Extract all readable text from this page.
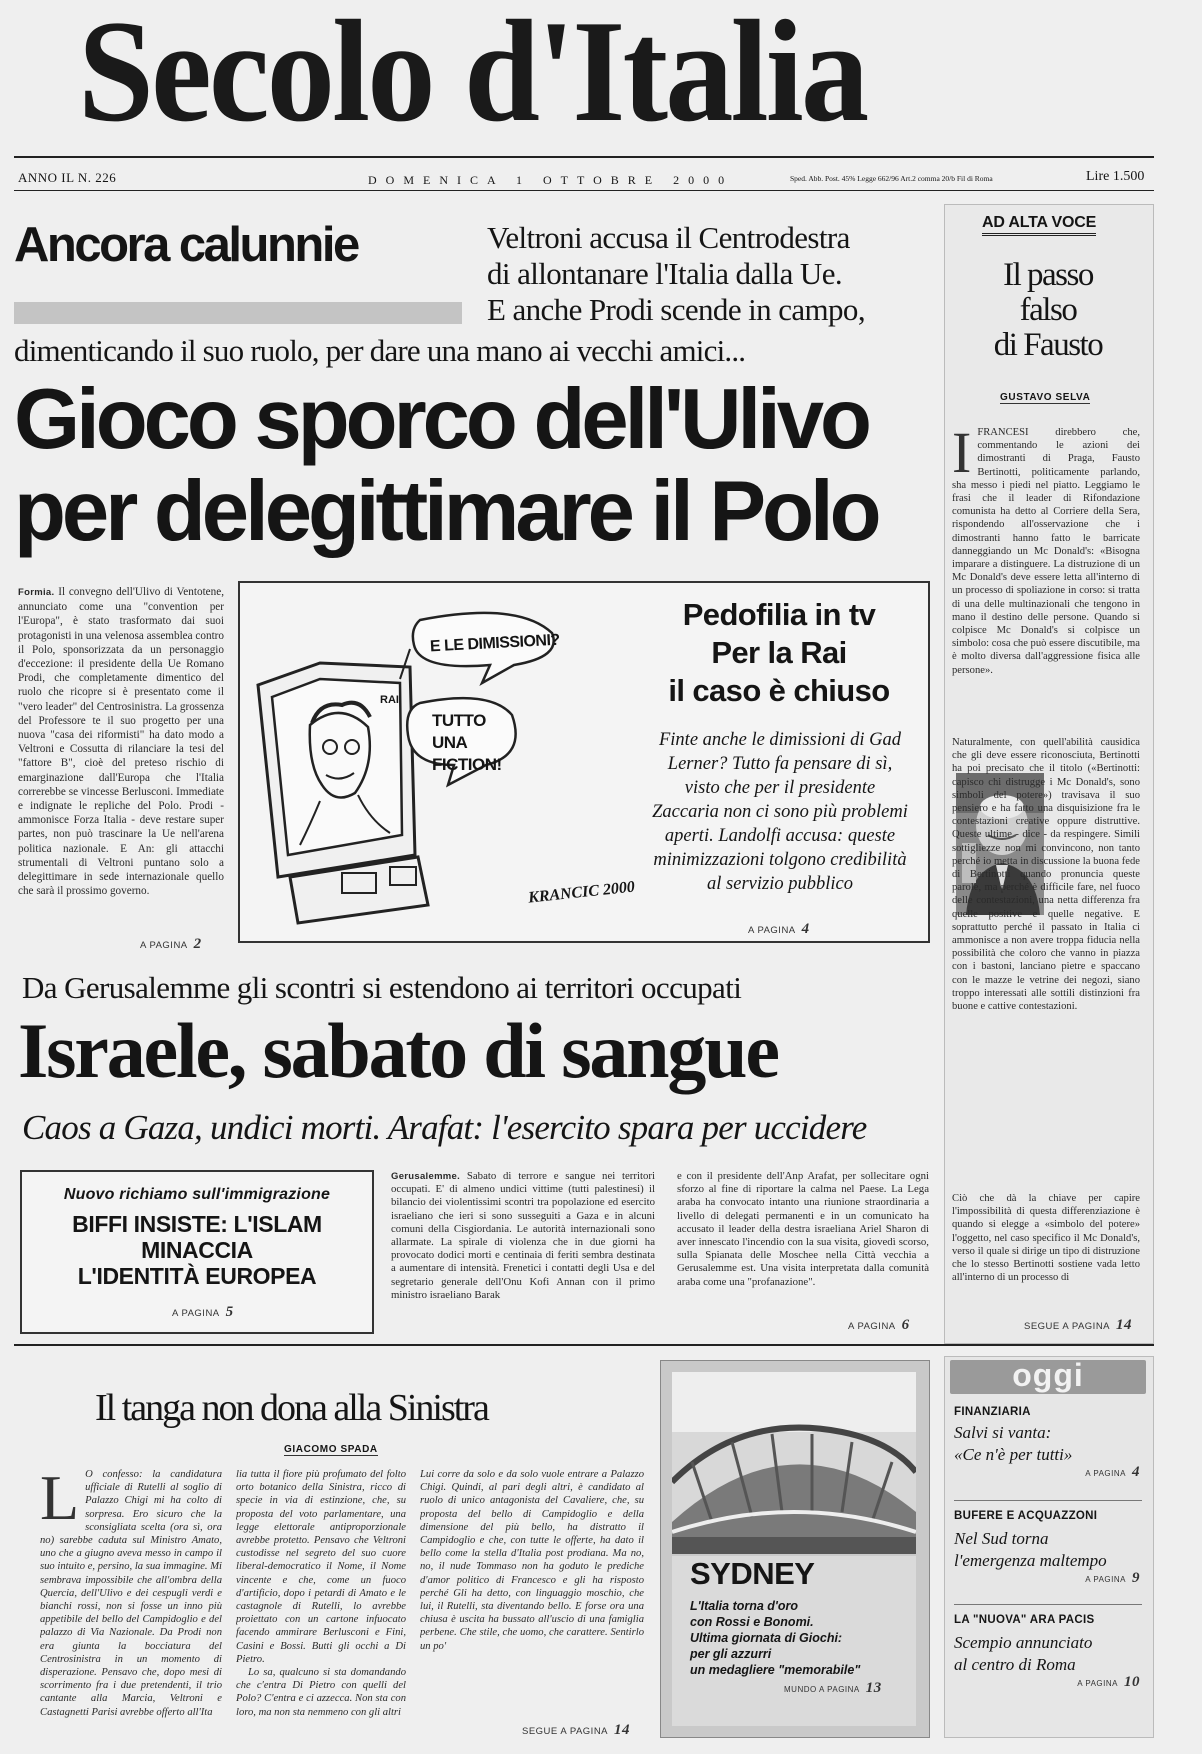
Secolo d'Italia
ANNO IL N. 226	DOMENICA 1 OTTOBRE 2000	Sped. Abb. Post. 45% Legge 662/96 Art.2 comma 20/b Fil di Roma	Lire 1.500
Ancora calunnie	Veltroni accusa il Centrodestra
di allontanare l'Italia dalla Ue.
E anche Prodi scende in campo,
dimenticando il suo ruolo, per dare una mano ai vecchi amici...
Gioco sporco dell'Ulivo
per delegittimare il Polo
Formia. Il convegno dell'Ulivo di Ventotene, annunciato come una "convention per l'Europa", è stato trasformato dai suoi protagonisti in una velenosa assemblea contro il Polo, sponsorizzata da un personaggio d'eccezione: il presidente della Ue Romano Prodi, che completamente dimentico del ruolo che ricopre si è presentato come il "vero leader" del Centrosinistra. La grossenza del Professore te il suo progetto per una nuova "casa dei riformisti" ha dato modo a Veltroni e Cossutta di rilanciare la tesi del "fattore B", cioè del preteso rischio di emarginazione dall'Europa che l'Italia correrebbe se vincesse Berlusconi. Immediate e indignate le repliche del Polo. Prodi - ammonisce Forza Italia - deve restare super partes, non può trascinare la Ue nell'arena politica nazionale. E An: gli attacchi strumentali di Veltroni puntano solo a delegittimare in sede internazionale quello che sarà il prossimo governo.
A PAGINA 2
E LE DIMISSIONI?
TUTTO UNA FICTION!
RAI
KRANCIC 2000
Pedofilia in tv
Per la Rai
il caso è chiuso
Finte anche le dimissioni di Gad Lerner? Tutto fa pensare di sì, visto che per il presidente Zaccaria non ci sono più problemi aperti. Landolfi accusa: queste minimizzazioni tolgono credibilità al servizio pubblico
A PAGINA 4
Da Gerusalemme gli scontri si estendono ai territori occupati
Israele, sabato di sangue
Caos a Gaza, undici morti. Arafat: l'esercito spara per uccidere
Gerusalemme. Sabato di terrore e sangue nei territori occupati. E' di almeno undici vittime (tutti palestinesi) il bilancio dei violentissimi scontri tra popolazione ed esercito israeliano che ieri si sono susseguiti a Gaza e in alcuni comuni della Cisgiordania. Le autorità internazionali sono allarmate. La spirale di violenza che in due giorni ha provocato dodici morti e centinaia di feriti sembra destinata a aumentare di intensità. Frenetici i contatti degli Usa e del segretario generale dell'Onu Kofi Annan con il primo ministro israeliano Barak
e con il presidente dell'Anp Arafat, per sollecitare ogni sforzo al fine di riportare la calma nel Paese. La Lega araba ha convocato intanto una riunione straordinaria a livello di delegati permanenti e in un comunicato ha accusato il leader della destra israeliana Ariel Sharon di aver innescato l'incendio con la sua visita, giovedì scorso, sulla Spianata delle Moschee nella Città vecchia a Gerusalemme est. Una visita interpretata dalla comunità araba come una "profanazione".
A PAGINA 6
Nuovo richiamo sull'immigrazione
BIFFI INSISTE: L'ISLAM
MINACCIA
L'IDENTITÀ EUROPEA
A PAGINA 5
AD ALTA VOCE
Il passo
falso
di Fausto
GUSTAVO SELVA
I FRANCESI direbbero che, commentando le azioni dei dimostranti di Praga, Fausto Bertinotti, politicamente parlando, sha messo i piedi nel piatto. Leggiamo le frasi che il leader di Rifondazione comunista ha detto al Corriere della Sera, rispondendo all'osservazione che i dimostranti hanno fatto le barricate danneggiando un Mc Donald's: «Bisogna imparare a distinguere. La distruzione di un Mc Donald's deve essere letta all'interno di un processo di spoliazione in corso: si tratta di una delle multinazionali che tengono in mano il destino delle persone. Quando si colpisce Mc Donald's si colpisce un simbolo: cosa che può essere discutibile, ma è molto diversa dall'aggressione fisica alle persone».
Naturalmente, con quell'abilità causidica che gli deve essere riconosciuta, Bertinotti ha poi precisato che il titolo («Bertinotti: capisco chi distrugge i Mc Donald's, sono simboli del potere») travisava il suo pensiero e ha fatto una disquisizione fra le contestazioni creative oppure distruttive. Queste ultime - dice - da respingere. Simili sottigliezze non mi convincono, non tanto perché io metta in discussione la buona fede di Bertinotti quando pronuncia queste parole, ma perché è difficile fare, nel fuoco delle contestazioni, una netta differenza fra quelle positive e quelle negative. E soprattutto perché il passato in Italia ci ammonisce a non avere troppa fiducia nella possibilità che coloro che vanno in piazza con i bastoni, lanciano pietre e spaccano con le mazze le vetrine dei negozi, siano troppo interessati alle sottili distinzioni fra buone e cattive contestazioni.
Ciò che dà la chiave per capire l'impossibilità di questa differenziazione è quando si elegge a «simbolo del potere» l'oggetto, nel caso specifico il Mc Donald's, verso il quale si dirige un tipo di distruzione che lo stesso Bertinotti sostiene vada letto all'interno di un processo di
SEGUE A PAGINA 14
Il tanga non dona alla Sinistra
GIACOMO SPADA
L O confesso: la candidatura ufficiale di Rutelli al soglio di Palazzo Chigi mi ha colto di sorpresa. Ero sicuro che la sconsigliata scelta (ora sì, ora no) sarebbe caduta sul Ministro Amato, uno che a giugno aveva messo in campo il suo intuito e, persino, la sua immagine. Mi sembrava impossibile che all'ombra della Quercia, dell'Ulivo e dei cespugli verdi e bianchi rossi, non si fosse un inno più appetibile del bello del Campidoglio e del palazzo di Via Nazionale. Da Prodi non era giunta la bocciatura del Centrosinistra in un momento di disperazione. Pensavo che, dopo mesi di scorrimento fra i due pretendenti, il trio cantante alla Marcia, Veltroni e Castagnetti Parisi avrebbe offerto all'Ita
lia tutta il fiore più profumato del folto orto botanico della Sinistra, ricco di specie in via di estinzione, che, su proposta del voto parlamentare, una legge elettorale antiproporzionale avrebbe protetto. Pensavo che Veltroni custodisse nel segreto del suo cuore liberal-democratico il Nome, il Nome vincente e che, come un fuoco d'artificio, dopo i petardi di Amato e le castagnole di Rutelli, lo avrebbe proiettato con un cartone infuocato facendo ammirare Berlusconi e Fini, Casini e Bossi. Butti gli occhi a Di Pietro.
Lo sa, qualcuno si sta domandando che c'entra Di Pietro con quelli del Polo? C'entra e ci azzecca. Non sta con loro, ma non sta nemmeno con gli altri
Lui corre da solo e da solo vuole entrare a Palazzo Chigi. Quindi, al pari degli altri, è candidato al ruolo di unico antagonista del Cavaliere, che, su proposta del bello di Campidoglio e della dimensione del più bello, ha distratto il Campidoglio e che, con tutte le offerte, ha dato il bello come la stella d'Italia post prodiana. Ma no, no, il nude Tommaso non ha goduto le prediche d'amor politico di Francesco e gli ha risposto perché Gli ha detto, con linguaggio moschio, che lui, il Rutelli, sta diventando bello. E forse ora una chiusa è uscita ha bussato all'uscio di una famiglia perbene. Che stile, che uomo, che carattere. Sentirlo un po'
SEGUE A PAGINA 14
SYDNEY
L'Italia torna d'oro
con Rossi e Bonomi.
Ultima giornata di Giochi:
per gli azzurri
un medagliere "memorabile"
MUNDO A PAGINA 13
oggi
FINANZIARIA
Salvi si vanta:
«Ce n'è per tutti»
A PAGINA 4
BUFERE E ACQUAZZONI
Nel Sud torna
l'emergenza maltempo
A PAGINA 9
LA "NUOVA" ARA PACIS
Scempio annunciato
al centro di Roma
A PAGINA 10
